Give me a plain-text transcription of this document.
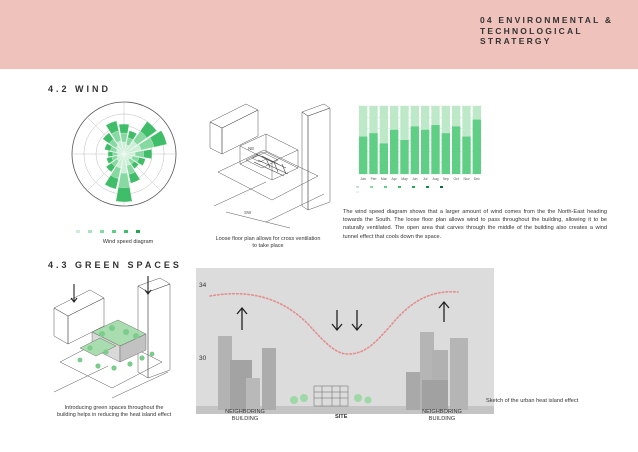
04 ENVIRONMENTAL &
TECHNOLOGICAL
STRATERGY
4.2 WIND
Wind speed diagram
NE
SW
Loose floor plan allows for cross ventilation
to take place
Jan Feb Mar Apr May Jun Jul Aug Sep Oct Nov Dec
The wind speed diagram shows that a larger amount of wind comes from the the North-East heading towards the South. The loose floor plan allows wind to pass throughout the building, allowing it to be naturally ventilated. The open area that carves through the middle of the building also creates a wind tunnel effect that cools down the space.
4.3 GREEN SPACES
Introducing green spaces throughout the
building helps in reducing the heat island effect
34
30
NEIGHBORING
BUILDING	SITE
NEIGHBORING
BUILDING
Sketch of the urban heat island effect
